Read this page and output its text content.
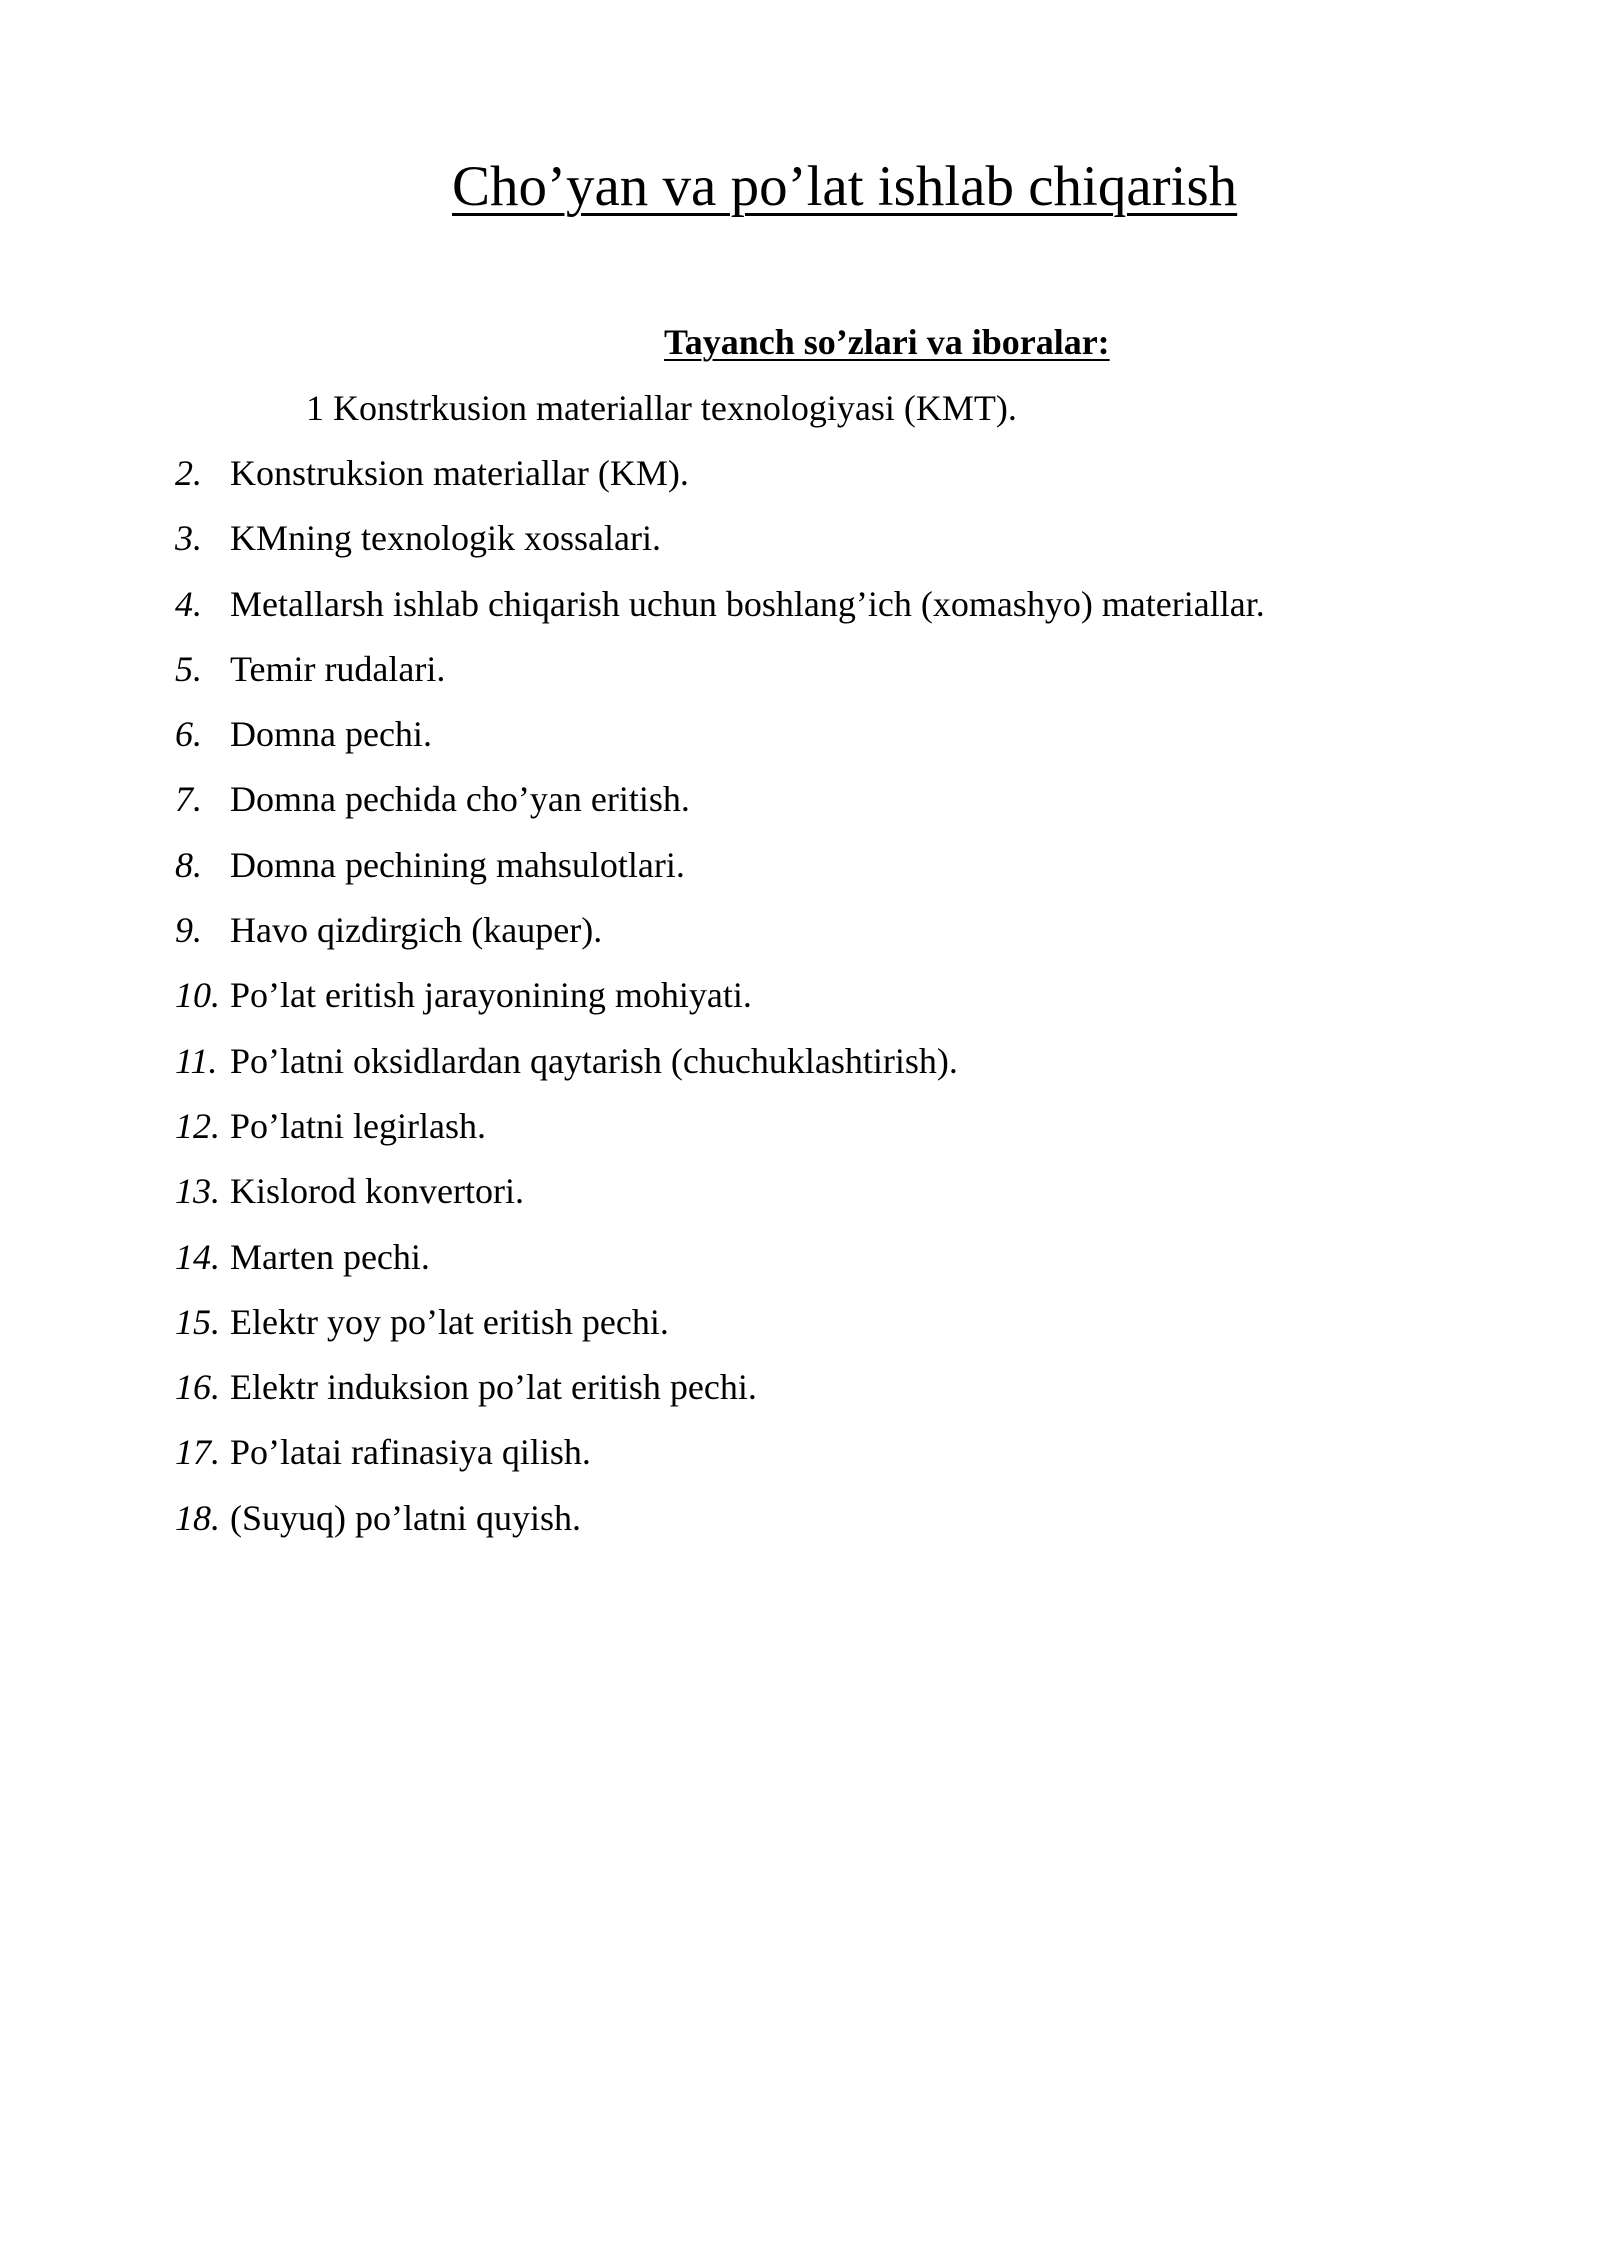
Cho’yan va po’lat ishlab chiqarish
Tayanch so’zlari va iboralar:
1 Konstrkusion materiallar texnologiyasi (KMT).
2. Konstruksion materiallar (KM).
3. KMning texnologik xossalari.
4. Metallarsh ishlab chiqarish uchun boshlang’ich (xomashyo) materiallar.
5. Temir rudalari.
6. Domna pechi.
7. Domna pechida cho’yan eritish.
8. Domna pechining mahsulotlari.
9. Havo qizdirgich (kauper).
10. Po’lat eritish jarayonining mohiyati.
11. Po’latni oksidlardan qaytarish (chuchuklashtirish).
12. Po’latni legirlash.
13. Kislorod konvertori.
14. Marten pechi.
15. Elektr yoy po’lat eritish pechi.
16. Elektr induksion po’lat eritish pechi.
17. Po’latai rafinasiya qilish.
18. (Suyuq) po’latni quyish.
